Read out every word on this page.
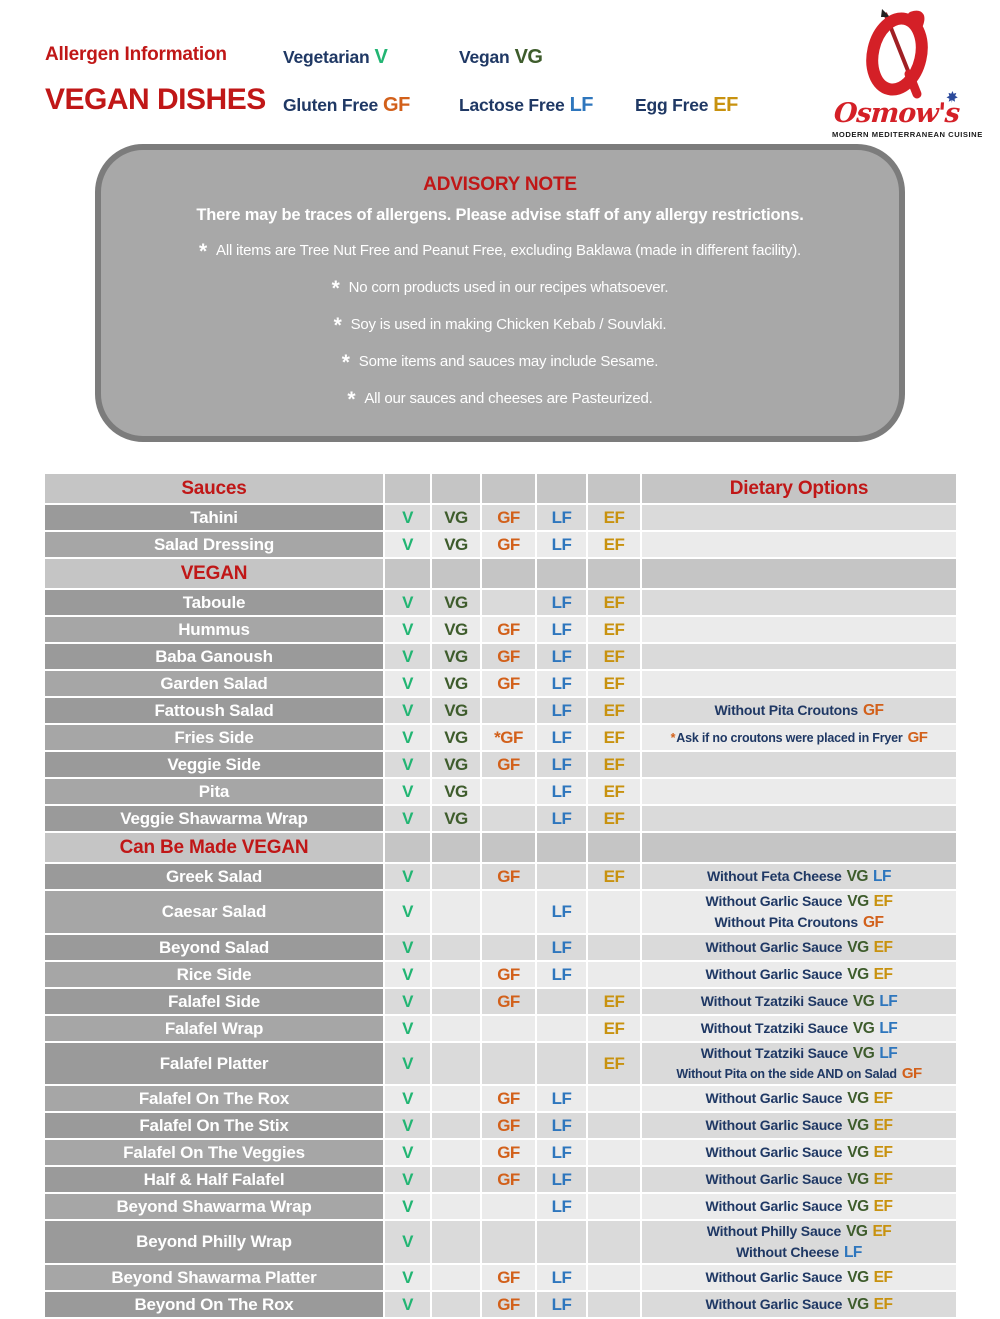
Allergen Information
VEGAN DISHES
Vegetarian V	Vegan VG
Gluten Free GF	Lactose Free LF	Egg Free EF	Osmow's
MODERN MEDITERRANEAN CUISINE
ADVISORY NOTE
There may be traces of allergens. Please advise staff of any allergy restrictions.
* All items are Tree Nut Free and Peanut Free, excluding Baklawa (made in different facility).
* No corn products used in our recipes whatsoever.
* Soy is used in making Chicken Kebab / Souvlaki.
* Some items and sauces may include Sesame.
* All our sauces and cheeses are Pasteurized.
Sauces						Dietary Options
Tahini	V	VG	GF	LF	EF	
Salad Dressing	V	VG	GF	LF	EF	
VEGAN						
Taboule	V	VG		LF	EF	
Hummus	V	VG	GF	LF	EF	
Baba Ganoush	V	VG	GF	LF	EF	
Garden Salad	V	VG	GF	LF	EF	
Fattoush Salad	V	VG		LF	EF	Without Pita Croutons GF

Fries Side	V	VG	*GF	LF	EF	*Ask if no croutons were placed in Fryer GF

Veggie Side	V	VG	GF	LF	EF	
Pita	V	VG		LF	EF	
Veggie Shawarma Wrap	V	VG		LF	EF	
Can Be Made VEGAN						
Greek Salad	V		GF		EF	Without Feta Cheese VG LF

Caesar Salad	V			LF		Without Garlic Sauce VG EF
Without Pita Croutons GF

Beyond Salad	V			LF		Without Garlic Sauce VG EF

Rice Side	V		GF	LF		Without Garlic Sauce VG EF

Falafel Side	V		GF		EF	Without Tzatziki Sauce VG LF

Falafel Wrap	V				EF	Without Tzatziki Sauce VG LF

Falafel Platter	V				EF	Without Tzatziki Sauce VG LF
Without Pita on the side AND on Salad GF

Falafel On The Rox	V		GF	LF		Without Garlic Sauce VG EF

Falafel On The Stix	V		GF	LF		Without Garlic Sauce VG EF

Falafel On The Veggies	V		GF	LF		Without Garlic Sauce VG EF

Half & Half Falafel	V		GF	LF		Without Garlic Sauce VG EF

Beyond Shawarma Wrap	V			LF		Without Garlic Sauce VG EF

Beyond Philly Wrap	V					Without Philly Sauce VG EF
Without Cheese LF

Beyond Shawarma Platter	V		GF	LF		Without Garlic Sauce VG EF

Beyond On The Rox	V		GF	LF		Without Garlic Sauce VG EF
